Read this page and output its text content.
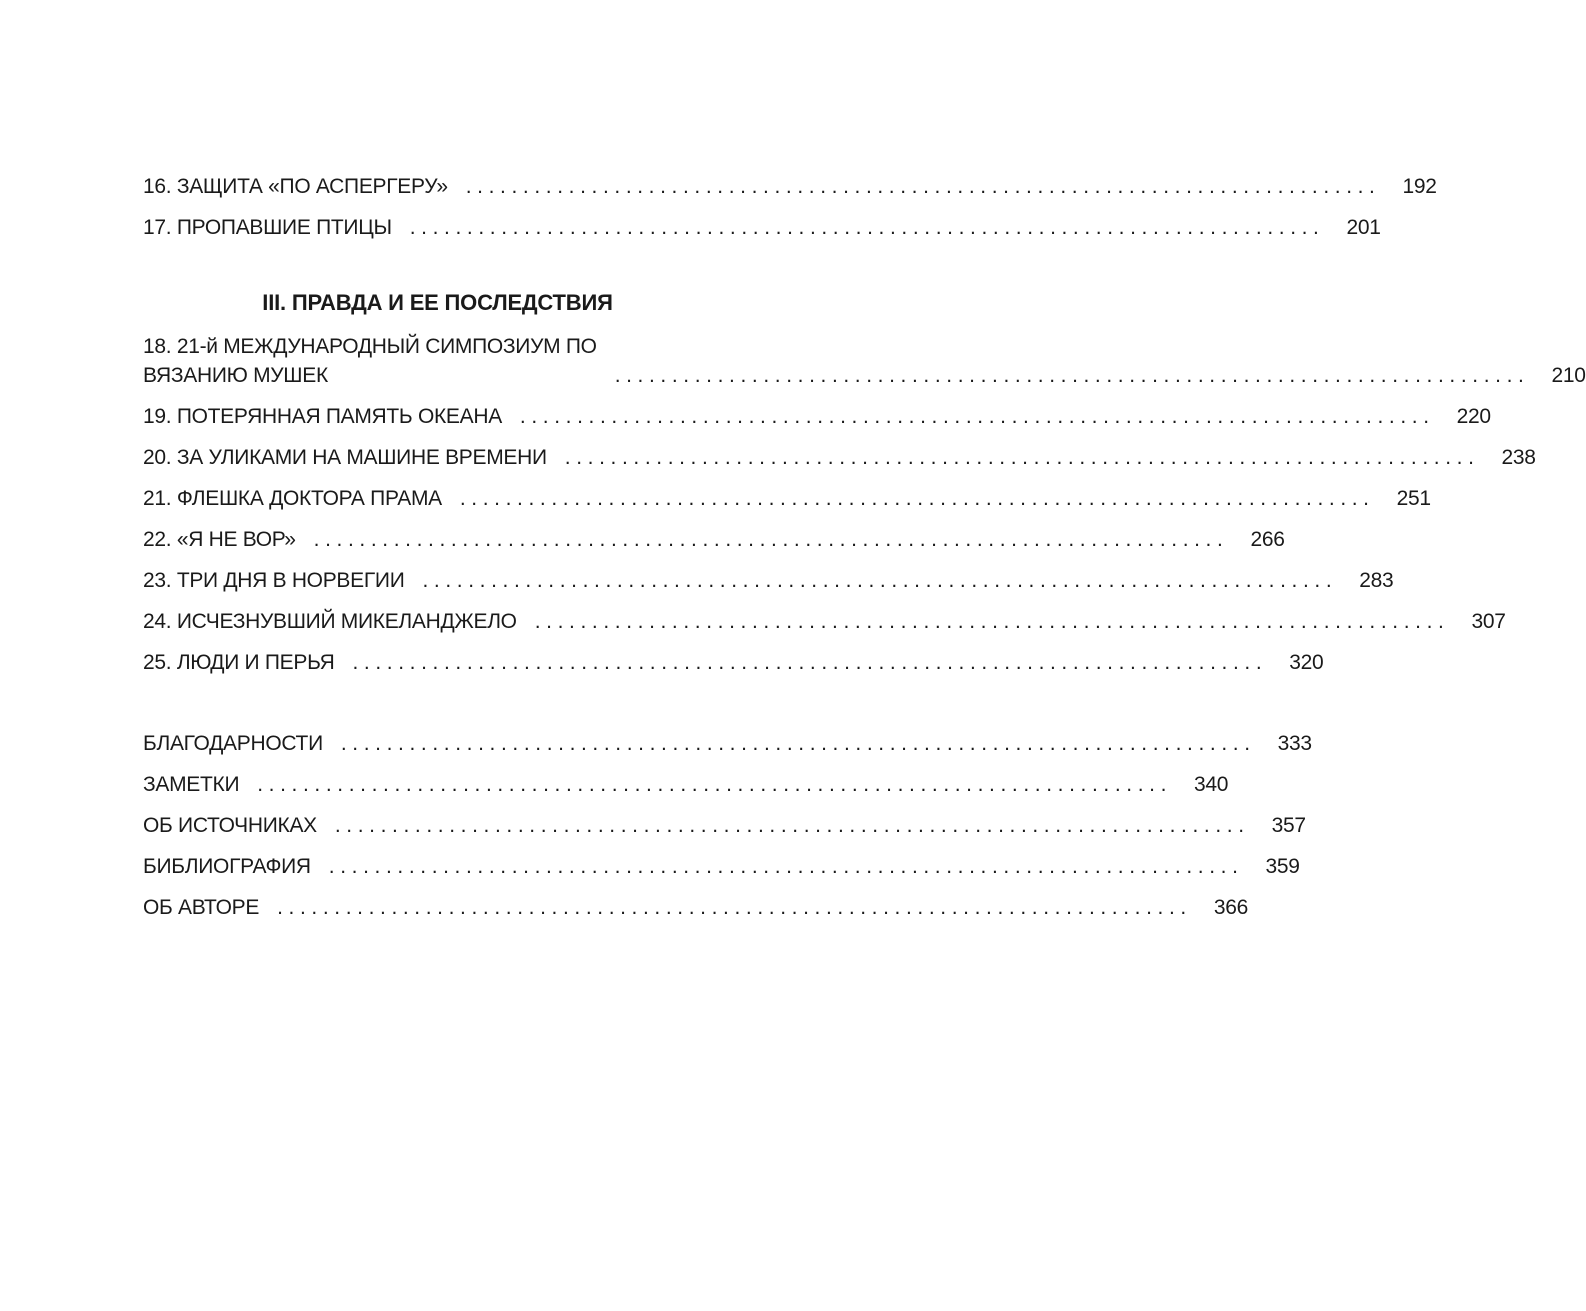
16. ЗАЩИТА «ПО АСПЕРГЕРУ» ................................................................................ 192
17. ПРОПАВШИЕ ПТИЦЫ ................................................................................ 201
III. ПРАВДА И ЕЕ ПОСЛЕДСТВИЯ
18. 21-й МЕЖДУНАРОДНЫЙ СИМПОЗИУМ ПО
ВЯЗАНИЮ МУШЕК	................................................................................ 210
19. ПОТЕРЯННАЯ ПАМЯТЬ ОКЕАНА ................................................................................ 220
20. ЗА УЛИКАМИ НА МАШИНЕ ВРЕМЕНИ ................................................................................ 238
21. ФЛЕШКА ДОКТОРА ПРАМА ................................................................................ 251
22. «Я НЕ ВОР» ................................................................................ 266
23. ТРИ ДНЯ В НОРВЕГИИ ................................................................................ 283
24. ИСЧЕЗНУВШИЙ МИКЕЛАНДЖЕЛО ................................................................................ 307
25. ЛЮДИ И ПЕРЬЯ ................................................................................ 320
БЛАГОДАРНОСТИ ................................................................................ 333
ЗАМЕТКИ ................................................................................ 340
ОБ ИСТОЧНИКАХ ................................................................................ 357
БИБЛИОГРАФИЯ ................................................................................ 359
ОБ АВТОРЕ ................................................................................ 366
